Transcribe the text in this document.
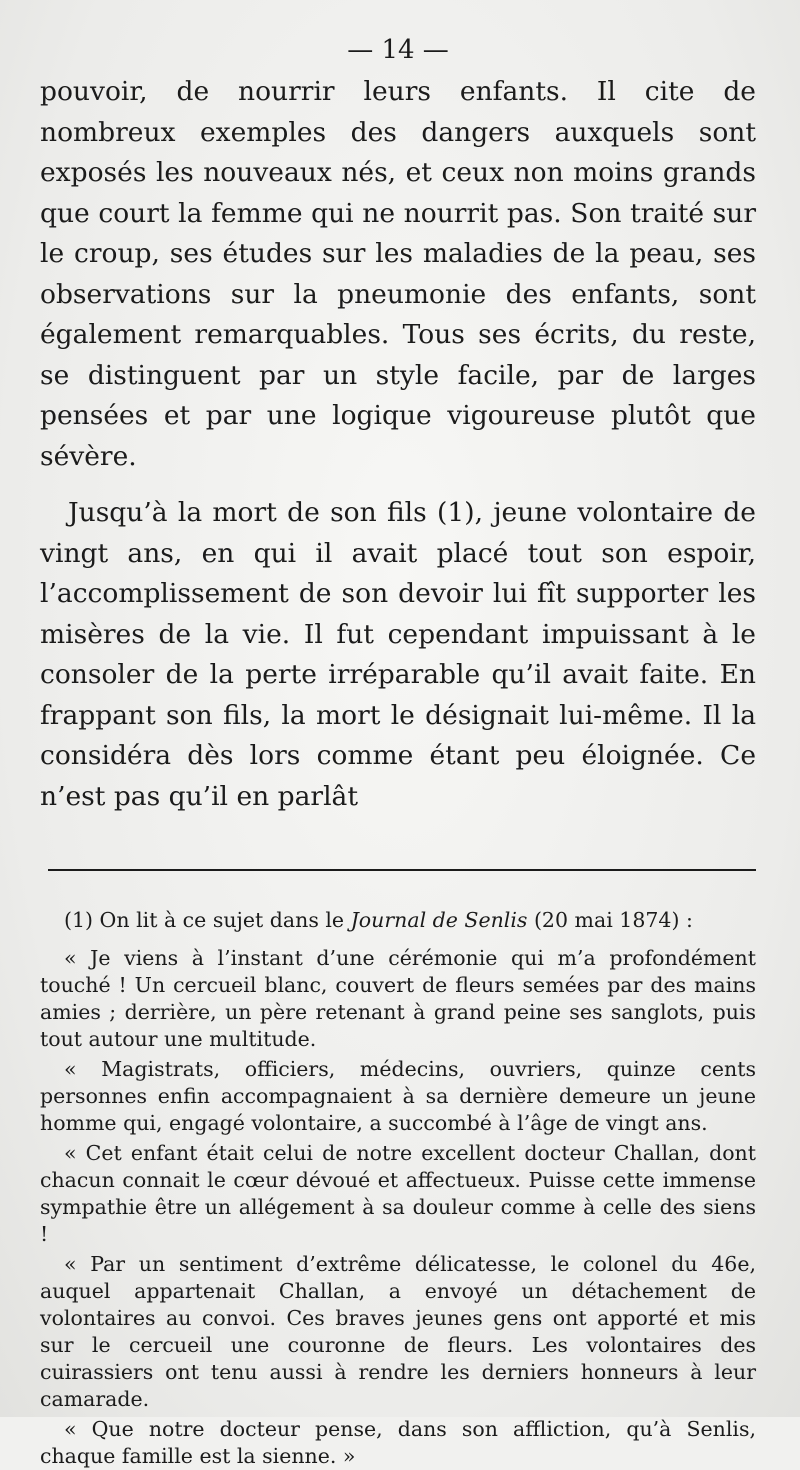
— 14 —

pouvoir, de nourrir leurs enfants. Il cite de nombreux exemples des dangers auxquels sont exposés les nouveaux nés, et ceux non moins grands que court la femme qui ne nourrit pas. Son traité sur le croup, ses études sur les maladies de la peau, ses observations sur la pneumonie des enfants, sont également remarquables. Tous ses écrits, du reste, se distinguent par un style facile, par de larges pensées et par une logique vigoureuse plutôt que sévère.

Jusqu’à la mort de son fils (1), jeune volontaire de vingt ans, en qui il avait placé tout son espoir, l’accomplissement de son devoir lui fît supporter les misères de la vie. Il fut cependant impuissant à le consoler de la perte irréparable qu’il avait faite. En frappant son fils, la mort le désignait lui-même. Il la considéra dès lors comme étant peu éloignée. Ce n’est pas qu’il en parlât

(1) On lit à ce sujet dans le Journal de Senlis (20 mai 1874) :

« Je viens à l’instant d’une cérémonie qui m’a profondément touché ! Un cercueil blanc, couvert de fleurs semées par des mains amies ; derrière, un père retenant à grand peine ses sanglots, puis tout autour une multitude.

« Magistrats, officiers, médecins, ouvriers, quinze cents personnes enfin accompagnaient à sa dernière demeure un jeune homme qui, engagé volontaire, a succombé à l’âge de vingt ans.

« Cet enfant était celui de notre excellent docteur Challan, dont chacun connait le cœur dévoué et affectueux. Puisse cette immense sympathie être un allégement à sa douleur comme à celle des siens !

« Par un sentiment d’extrême délicatesse, le colonel du 46e, auquel appartenait Challan, a envoyé un détachement de volontaires au convoi. Ces braves jeunes gens ont apporté et mis sur le cercueil une couronne de fleurs. Les volontaires des cuirassiers ont tenu aussi à rendre les derniers honneurs à leur camarade.

« Que notre docteur pense, dans son affliction, qu’à Senlis, chaque famille est la sienne. »
